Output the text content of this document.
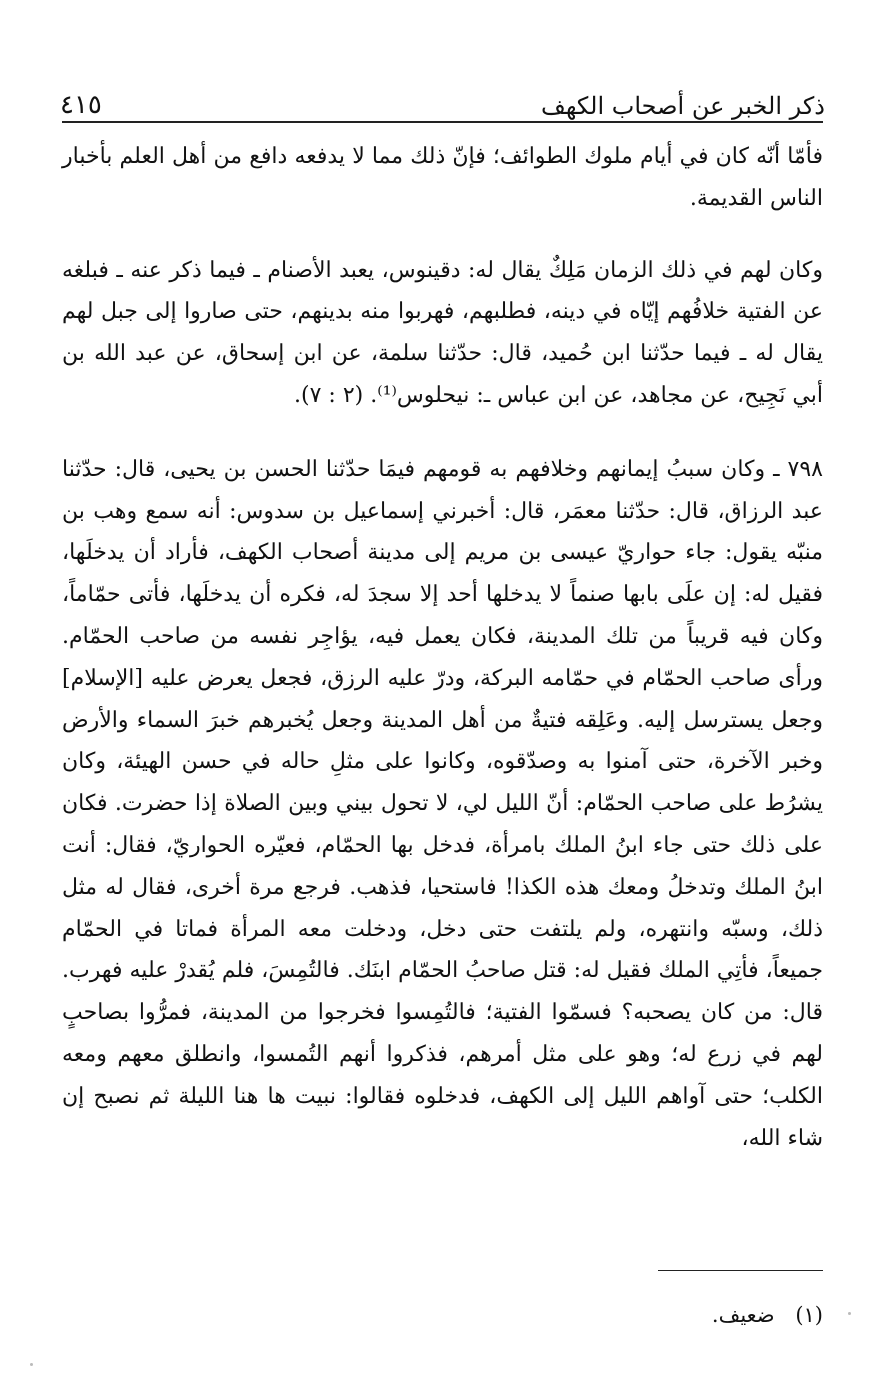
ذكر الخبر عن أصحاب الكهف
٤١٥

فأمّا أنّه كان في أيام ملوك الطوائف؛ فإنّ ذلك مما لا يدفعه دافع من أهل العلم بأخبار الناس القديمة.

وكان لهم في ذلك الزمان مَلِكٌ يقال له: دقينوس، يعبد الأصنام ـ فيما ذكر عنه ـ فبلغه عن الفتية خلافُهم إيّاه في دينه، فطلبهم، فهربوا منه بدينهم، حتى صاروا إلى جبل لهم يقال له ـ فيما حدّثنا ابن حُميد، قال: حدّثنا سلمة، عن ابن إسحاق، عن عبد الله بن أبي نَجِيح، عن مجاهد، عن ابن عباس ـ: نيحلوس⁽¹⁾. (٢ : ٧).

٧٩٨ ـ وكان سببُ إيمانهم وخلافهم به قومهم فيمَا حدّثنا الحسن بن يحيى، قال: حدّثنا عبد الرزاق، قال: حدّثنا معمَر، قال: أخبرني إسماعيل بن سدوس: أنه سمع وهب بن منبّه يقول: جاء حواريّ عيسى بن مريم إلى مدينة أصحاب الكهف، فأراد أن يدخلَها، فقيل له: إن علَى بابها صنماً لا يدخلها أحد إلا سجدَ له، فكره أن يدخلَها، فأتى حمّاماً، وكان فيه قريباً من تلك المدينة، فكان يعمل فيه، يؤاجِر نفسه من صاحب الحمّام. ورأى صاحب الحمّام في حمّامه البركة، ودرّ عليه الرزق، فجعل يعرض عليه [الإسلام] وجعل يسترسل إليه. وعَلِقه فتيةٌ من أهل المدينة وجعل يُخبرهم خبرَ السماء والأرض وخبر الآخرة، حتى آمنوا به وصدّقوه، وكانوا على مثلِ حاله في حسن الهيئة، وكان يشرُط على صاحب الحمّام: أنّ الليل لي، لا تحول بيني وبين الصلاة إذا حضرت. فكان على ذلك حتى جاء ابنُ الملك بامرأة، فدخل بها الحمّام، فعيّره الحواريّ، فقال: أنت ابنُ الملك وتدخلُ ومعك هذه الكذا! فاستحيا، فذهب. فرجع مرة أخرى، فقال له مثل ذلك، وسبّه وانتهره، ولم يلتفت حتى دخل، ودخلت معه المرأة فماتا في الحمّام جميعاً، فأتِي الملك فقيل له: قتل صاحبُ الحمّام ابنَك. فالتُمِسَ، فلم يُقدرْ عليه فهرب. قال: من كان يصحبه؟ فسمّوا الفتية؛ فالتُمِسوا فخرجوا من المدينة، فمرُّوا بصاحبٍ لهم في زرع له؛ وهو على مثل أمرهم، فذكروا أنهم التُمسوا، وانطلق معهم ومعه الكلب؛ حتى آواهم الليل إلى الكهف، فدخلوه فقالوا: نبيت ها هنا الليلة ثم نصبح إن شاء الله،

(١) ضعيف.
